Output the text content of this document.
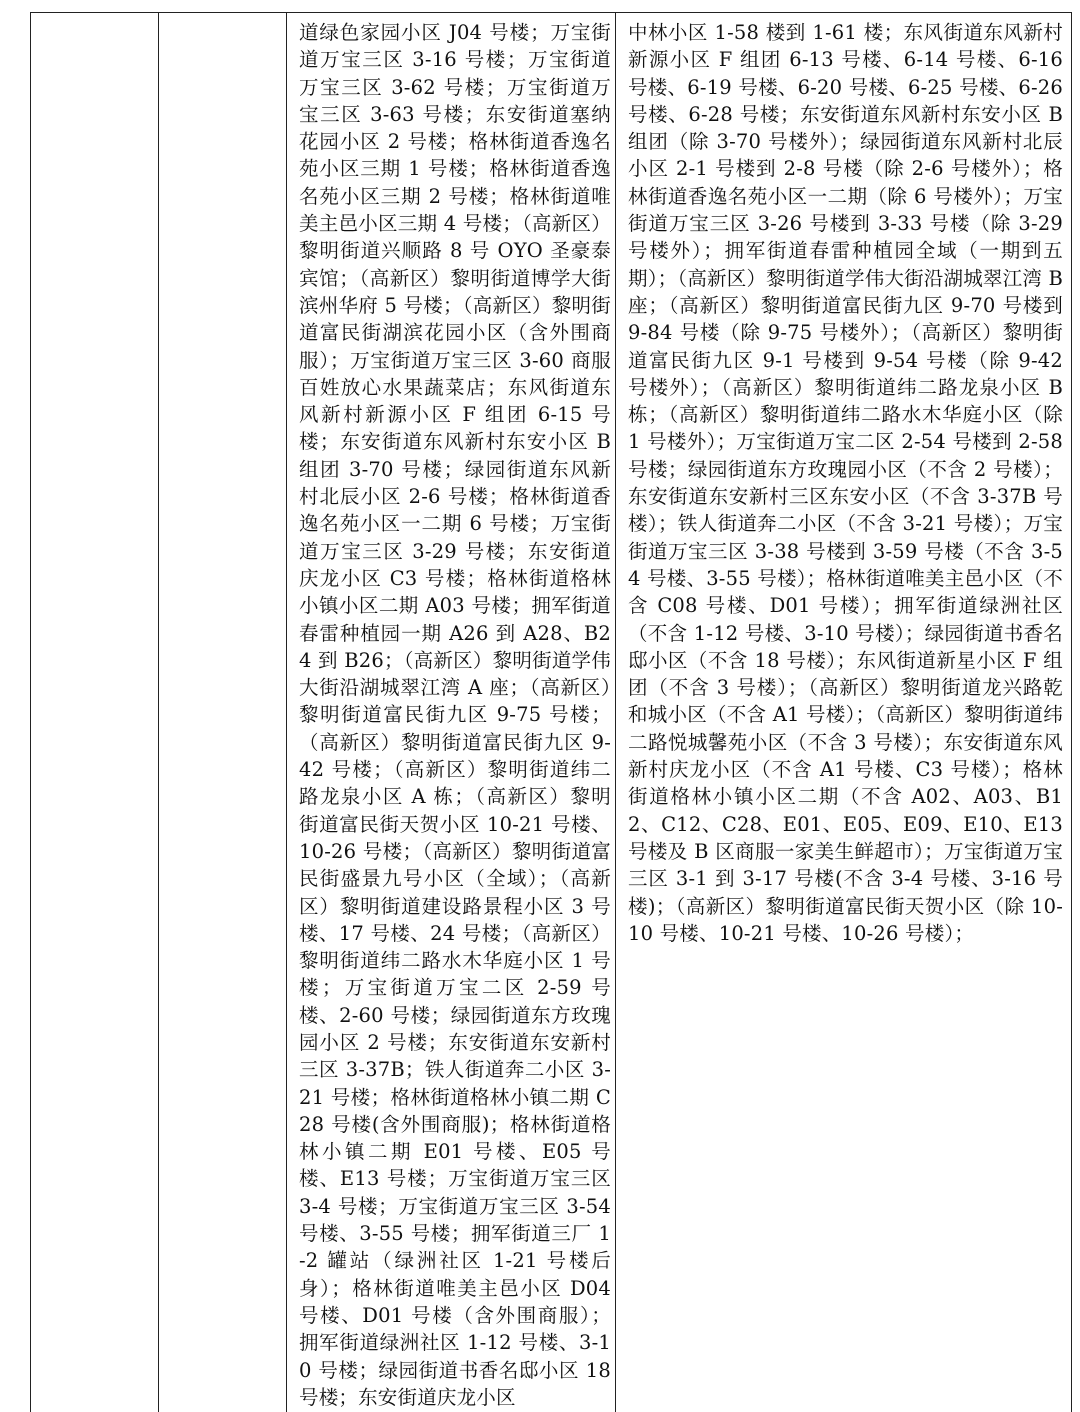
道绿色家园小区 J04 号楼；万宝街道万宝三区 3-16 号楼；万宝街道万宝三区 3-62 号楼；万宝街道万宝三区 3-63 号楼；东安街道塞纳花园小区 2 号楼；格林街道香逸名苑小区三期 1 号楼；格林街道香逸名苑小区三期 2 号楼；格林街道唯美主邑小区三期 4 号楼；（高新区）黎明街道兴顺路 8 号 OYO 圣豪泰宾馆；（高新区）黎明街道博学大街滨州华府 5 号楼；（高新区）黎明街道富民街湖滨花园小区（含外围商服）；万宝街道万宝三区 3-60 商服百姓放心水果蔬菜店；东风街道东风新村新源小区 F 组团 6-15 号楼；东安街道东风新村东安小区 B 组团 3-70 号楼；绿园街道东风新村北辰小区 2-6 号楼；格林街道香逸名苑小区一二期 6 号楼；万宝街道万宝三区 3-29 号楼；东安街道庆龙小区 C3 号楼；格林街道格林小镇小区二期 A03 号楼；拥军街道春雷种植园一期 A26 到 A28、B24 到 B26；（高新区）黎明街道学伟大街沿湖城翠江湾 A 座；（高新区）黎明街道富民街九区 9-75 号楼；（高新区）黎明街道富民街九区 9-42 号楼；（高新区）黎明街道纬二路龙泉小区 A 栋；（高新区）黎明街道富民街天贺小区 10-21 号楼、10-26 号楼；（高新区）黎明街道富民街盛景九号小区（全域）；（高新区）黎明街道建设路景程小区 3 号楼、17 号楼、24 号楼；（高新区）黎明街道纬二路水木华庭小区 1 号楼；万宝街道万宝二区 2-59 号楼、2-60 号楼；绿园街道东方玫瑰园小区 2 号楼；东安街道东安新村三区 3-37B；铁人街道奔二小区 3-21 号楼；格林街道格林小镇二期 C28 号楼(含外围商服)；格林街道格林小镇二期 E01 号楼、E05 号楼、E13 号楼；万宝街道万宝三区 3-4 号楼；万宝街道万宝三区 3-54 号楼、3-55 号楼；拥军街道三厂 1-2 罐站（绿洲社区 1-21 号楼后身）；格林街道唯美主邑小区 D04 号楼、D01 号楼（含外围商服）；拥军街道绿洲社区 1-12 号楼、3-10 号楼；绿园街道书香名邸小区 18 号楼；东安街道庆龙小区
中林小区 1-58 楼到 1-61 楼；东风街道东风新村新源小区 F 组团 6-13 号楼、6-14 号楼、6-16 号楼、6-19 号楼、6-20 号楼、6-25 号楼、6-26 号楼、6-28 号楼；东安街道东风新村东安小区 B 组团（除 3-70 号楼外）；绿园街道东风新村北辰小区 2-1 号楼到 2-8 号楼（除 2-6 号楼外）；格林街道香逸名苑小区一二期（除 6 号楼外）；万宝街道万宝三区 3-26 号楼到 3-33 号楼（除 3-29 号楼外）；拥军街道春雷种植园全域（一期到五期）；（高新区）黎明街道学伟大街沿湖城翠江湾 B 座；（高新区）黎明街道富民街九区 9-70 号楼到 9-84 号楼（除 9-75 号楼外）；（高新区）黎明街道富民街九区 9-1 号楼到 9-54 号楼（除 9-42 号楼外）；（高新区）黎明街道纬二路龙泉小区 B 栋；（高新区）黎明街道纬二路水木华庭小区（除 1 号楼外）；万宝街道万宝二区 2-54 号楼到 2-58 号楼；绿园街道东方玫瑰园小区（不含 2 号楼）；东安街道东安新村三区东安小区（不含 3-37B 号楼）；铁人街道奔二小区（不含 3-21 号楼）；万宝街道万宝三区 3-38 号楼到 3-59 号楼（不含 3-54 号楼、3-55 号楼）；格林街道唯美主邑小区（不含 C08 号楼、D01 号楼）；拥军街道绿洲社区（不含 1-12 号楼、3-10 号楼）；绿园街道书香名邸小区（不含 18 号楼）；东风街道新星小区 F 组团（不含 3 号楼）；（高新区）黎明街道龙兴路乾和城小区（不含 A1 号楼）；（高新区）黎明街道纬二路悦城馨苑小区（不含 3 号楼）；东安街道东风新村庆龙小区（不含 A1 号楼、C3 号楼）；格林街道格林小镇小区二期（不含 A02、A03、B12、C12、C28、E01、E05、E09、E10、E13 号楼及 B 区商服一家美生鲜超市）；万宝街道万宝三区 3-1 到 3-17 号楼(不含 3-4 号楼、3-16 号楼)；（高新区）黎明街道富民街天贺小区（除 10-10 号楼、10-21 号楼、10-26 号楼）；
